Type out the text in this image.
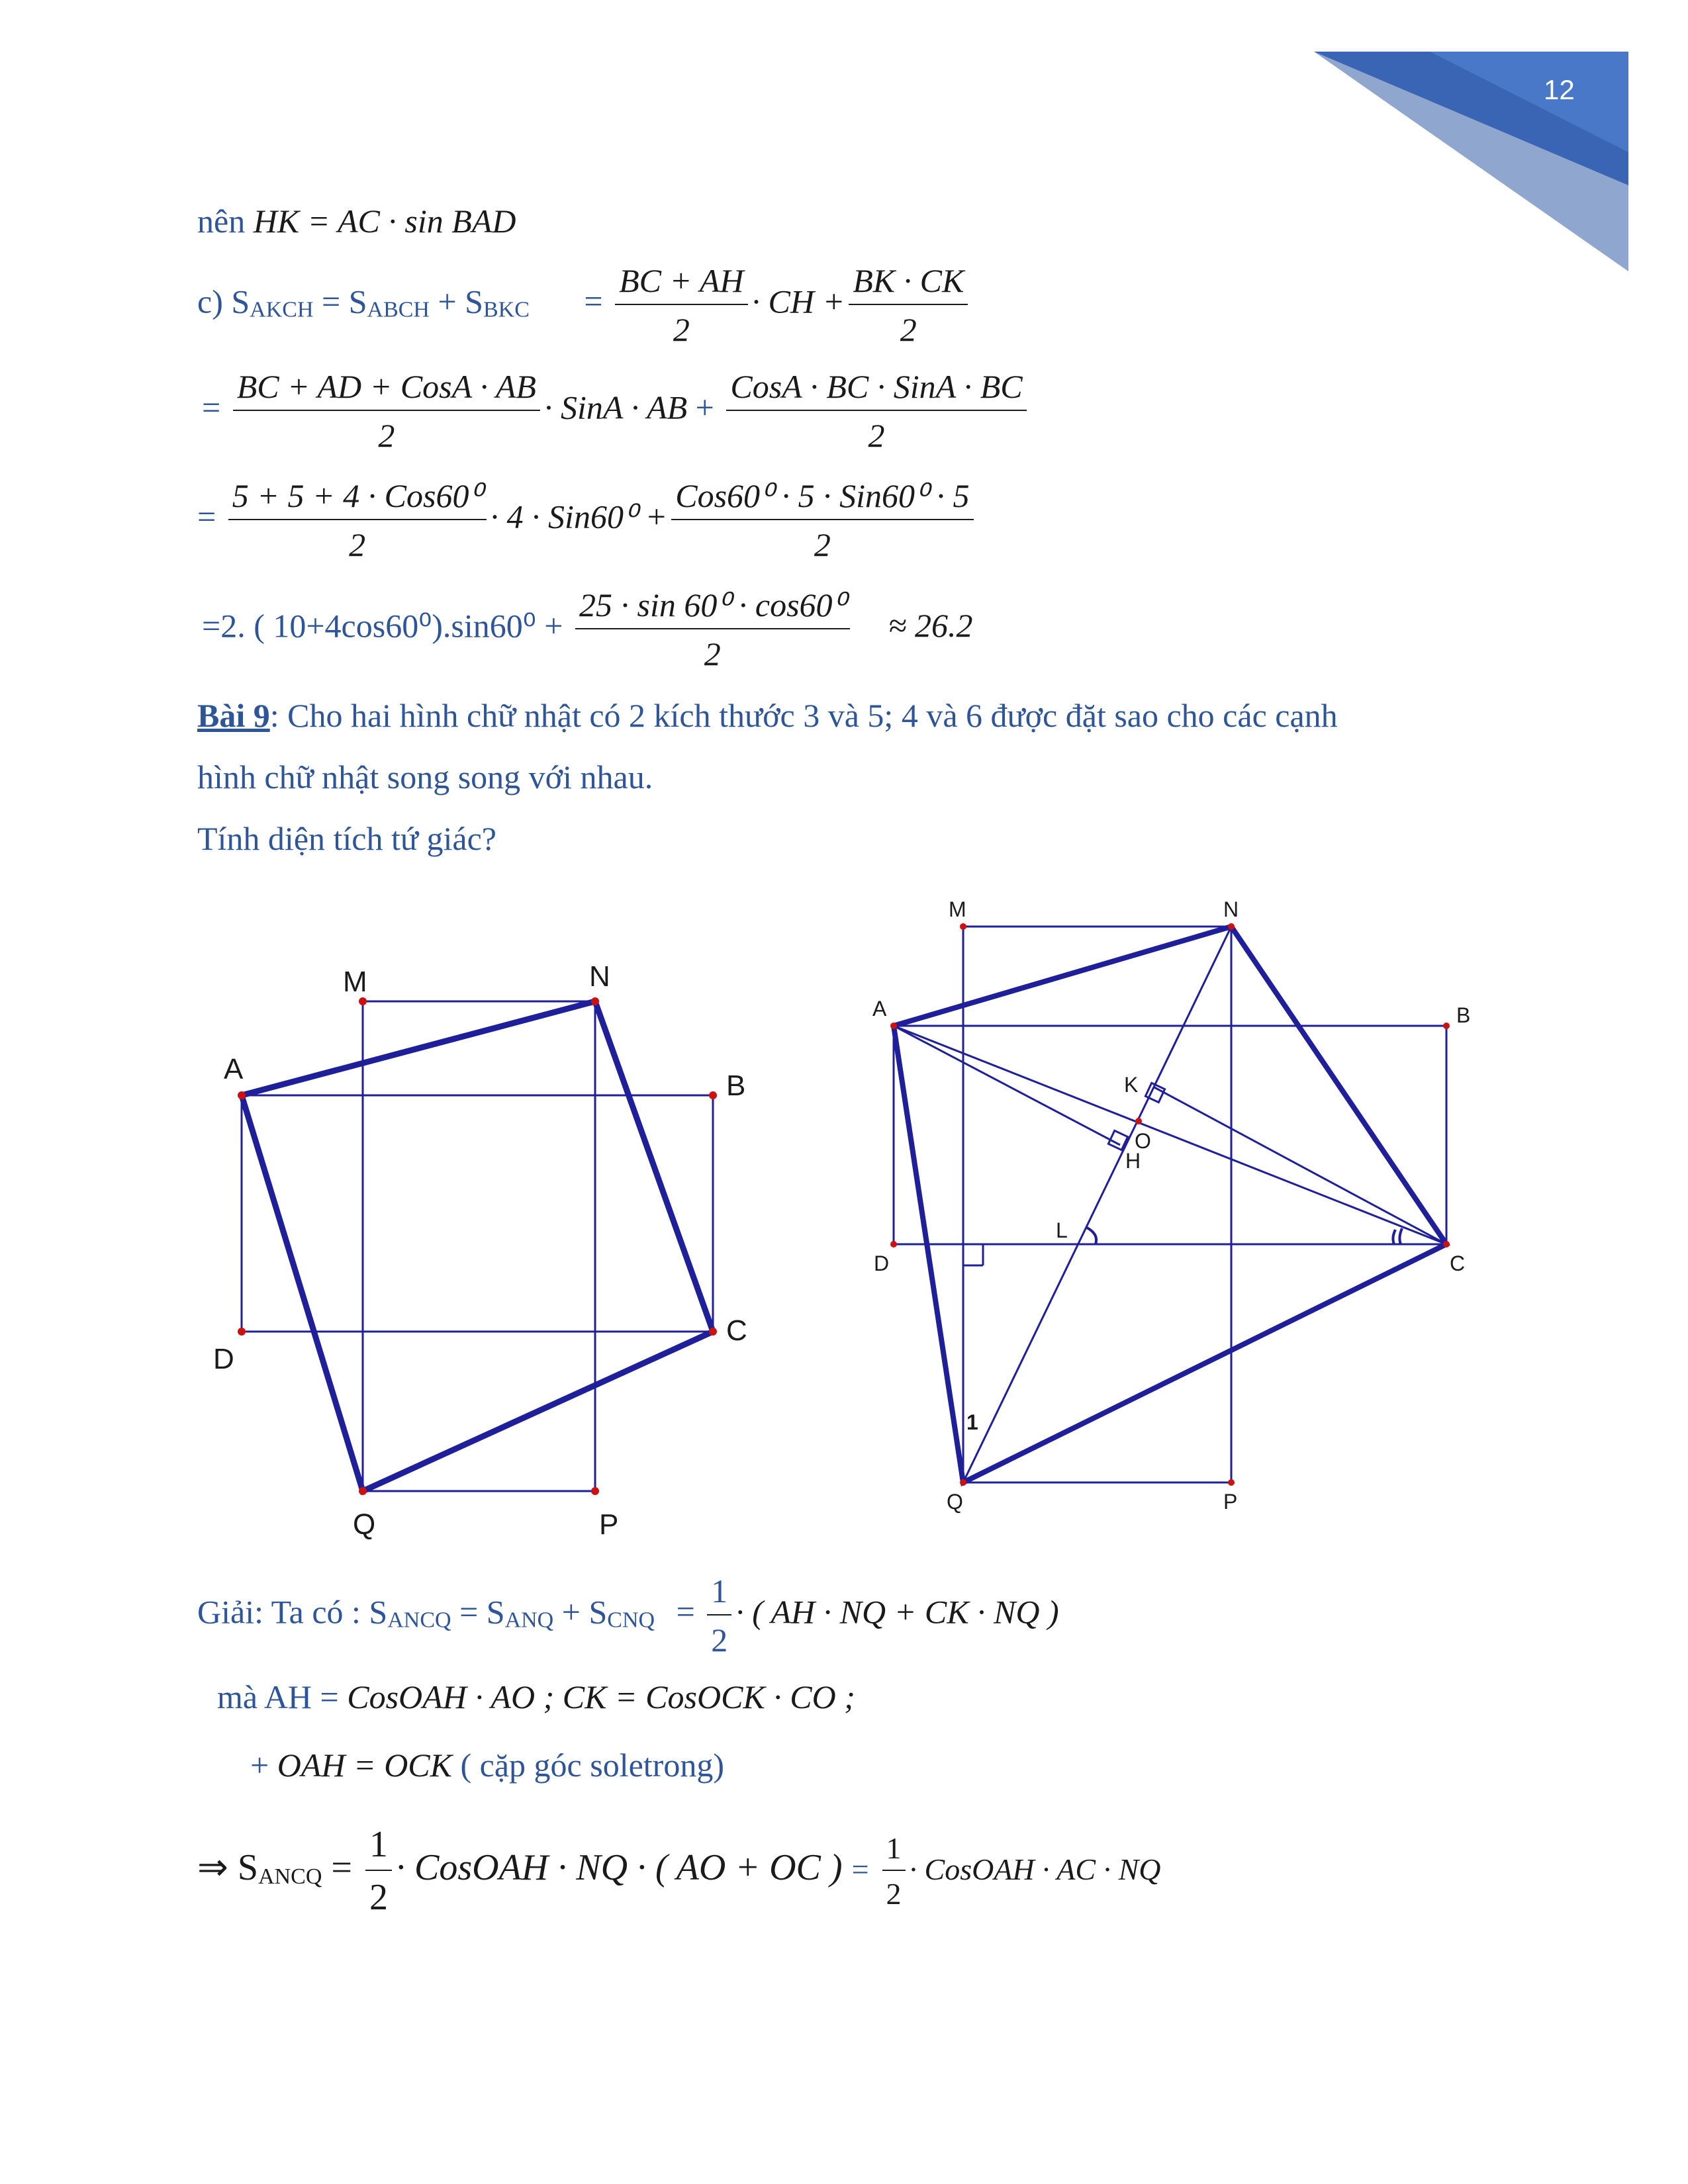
12
nên HK = AC · sin BAD
c) SAKCH = SABCH + SBKC = $\frac{BC + AH}{2}$ · CH + $\frac{BK \cdot CK}{2}$
= $\frac{\text{BC + AD + CosA · AB}}{2}$ · SinA · AB + $\frac{\text{CosA · BC · SinA · BC}}{2}$
= $\frac{\text{5 + 5 + 4 · Cos60⁰}}{2} \cdot 4 \cdot Sin60^0 + \frac{\text{Cos60⁰ · 5 · Sin60⁰ · 5}}{2}$
=2. ( $10+4\cos 60^0).\sin 60^0 + \frac{\text{25 · sin 60⁰ · cos60⁰}}{2} \approx 26.2$
Bài 9: Cho hai hình chữ nhật có 2 kích thước 3 và 5; 4 và 6 được đặt sao cho các cạnh
hình chữ nhật song song với nhau.
Tính diện tích tứ giác?
M	N
A
B
C
D
Q	P
M	N
A	B
K
O
H
L
D	C
1
Q	P
Giải: Ta có : SANCQ = SANQ + SCNQ = $\frac{1}{2}$ · ( AH · NQ + CK · NQ )
mà AH = CosOAH · AO ; CK = CosOCK · CO ;
+ OAH = OCK ( cặp góc soletrong)
⇒ SANCQ = $\frac{1}{2}$ · CosOAH · NQ · ( AO + OC ) = $\frac{1}{2}$ · CosOAH · AC · NQ
